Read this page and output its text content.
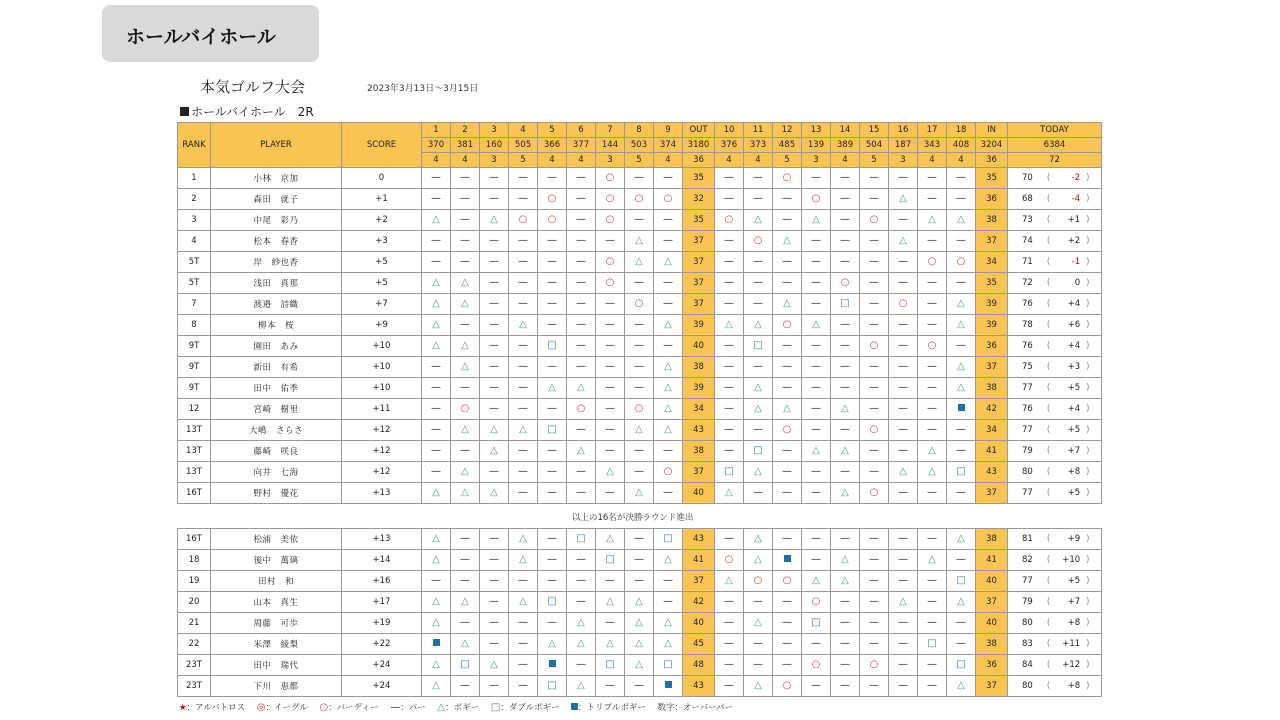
ホールバイホール
本気ゴルフ大会	2023年3月13日～3月15日
ホールバイホール　2R
RANK	PLAYER	SCORE	1	2	3	4	5	6	7	8	9	OUT	10	11	12	13	14	15	16	17	18	IN	TODAY
			370	381	160	505	366	377	144	503	374	3180	376	373	485	139	389	504	187	343	408	3204	6384
			4	4	3	5	4	4	3	5	4	36	4	4	5	3	4	5	3	4	4	36	72
1	小林　京加	0	—	—	—	—	—	—	○	—	—	35	—	—	○	—	—	—	—	—	—	35	70 ( -2 )
2	森田　就子	+1	—	—	—	—	○	—	○	○	○	32	—	—	—	○	—	—	△	—	—	36	68 ( -4 )
3	中尾　彩乃	+2	△	—	△	○	○	—	○	—	—	35	○	△	—	△	—	○	—	△	△	38	73 ( +1 )
4	松本　春香	+3	—	—	—	—	—	—	—	△	—	37	—	○	△	—	—	—	△	—	—	37	74 ( +2 )
5T	岸　紗也香	+5	—	—	—	—	—	—	○	△	△	37	—	—	—	—	—	—	—	○	○	34	71 ( -1 )
5T	浅田　真那	+5	△	△	—	—	—	—	○	—	—	37	—	—	—	—	○	—	—	—	—	35	72 ( 0 )
7	渡邉　詩織	+7	△	△	—	—	—	—	—	○	—	37	—	—	△	—	□	—	○	—	△	39	76 ( +4 )
8	柳本　桜	+9	△	—	—	△	—	—	—	—	△	39	△	△	○	△	—	—	—	—	△	39	78 ( +6 )
9T	園田　あみ	+10	△	△	—	—	□	—	—	—	—	40	—	□	—	—	—	○	—	○	—	36	76 ( +4 )
9T	新田　有希	+10	—	△	—	—	—	—	—	—	△	38	—	—	—	—	—	—	—	—	△	37	75 ( +3 )
9T	田中　佑季	+10	—	—	—	—	△	△	—	—	△	39	—	△	—	—	—	—	—	—	△	38	77 ( +5 )
12	宮崎　樹里	+11	—	○	—	—	—	○	—	○	△	34	—	△	△	—	△	—	—	—		42	76 ( +4 )
13T	大嶋　さらさ	+12	—	△	△	△	□	—	—	△	△	43	—	—	○	—	—	○	—	—	—	34	77 ( +5 )
13T	藤崎　咲良	+12	—	—	△	—	—	△	—	—	—	38	—	□	—	△	△	—	—	△	—	41	79 ( +7 )
13T	向井　七海	+12	—	△	—	—	—	—	△	—	○	37	□	△	—	—	—	—	△	△	□	43	80 ( +8 )
16T	野村　優花	+13	△	△	△	—	—	—	—	△	—	40	△	—	—	—	△	○	—	—	—	37	77 ( +5 )
以上の16名が決勝ラウンド進出
16T	松浦　美依	+13	△	—	—	△	—	□	△	—	□	43	—	△	—	—	—	—	—	—	△	38	81 ( +9 )
18	後中　萬璃	+14	△	—	—	△	—	—	□	—	△	41	○	△		—	△	—	—	△	—	41	82 ( +10 )
19	田村　和	+16	—	—	—	—	—	—	—	—	—	37	△	○	○	△	△	—	—	—	□	40	77 ( +5 )
20	山本　真生	+17	△	△	—	△	□	—	△	△	—	42	—	—	—	○	—	—	△	—	△	37	79 ( +7 )
21	周藤　可歩	+19	△	—	—	—	—	△	—	△	△	40	—	△	—	□	—	—	—	—	—	40	80 ( +8 )
22	米澤　綾梨	+22		△	—	—	△	△	△	△	△	45	—	—	—	—	—	—	—	□	—	38	83 ( +11 )
23T	田中　瑞代	+24	△	□	△	—		—	□	△	□	48	—	—	—	○	—	○	—	—	□	36	84 ( +12 )
23T	下川　恵都	+24	△	—	—	—	□	△	—	—		43	—	△	○	—	—	—	—	—	△	37	80 ( +8 )
★：アルバトロス ◎：イーグル ○：バーディー —：パー △：ボギー □：ダブルボギー ：トリプルボギー 数字：オーバーパー
